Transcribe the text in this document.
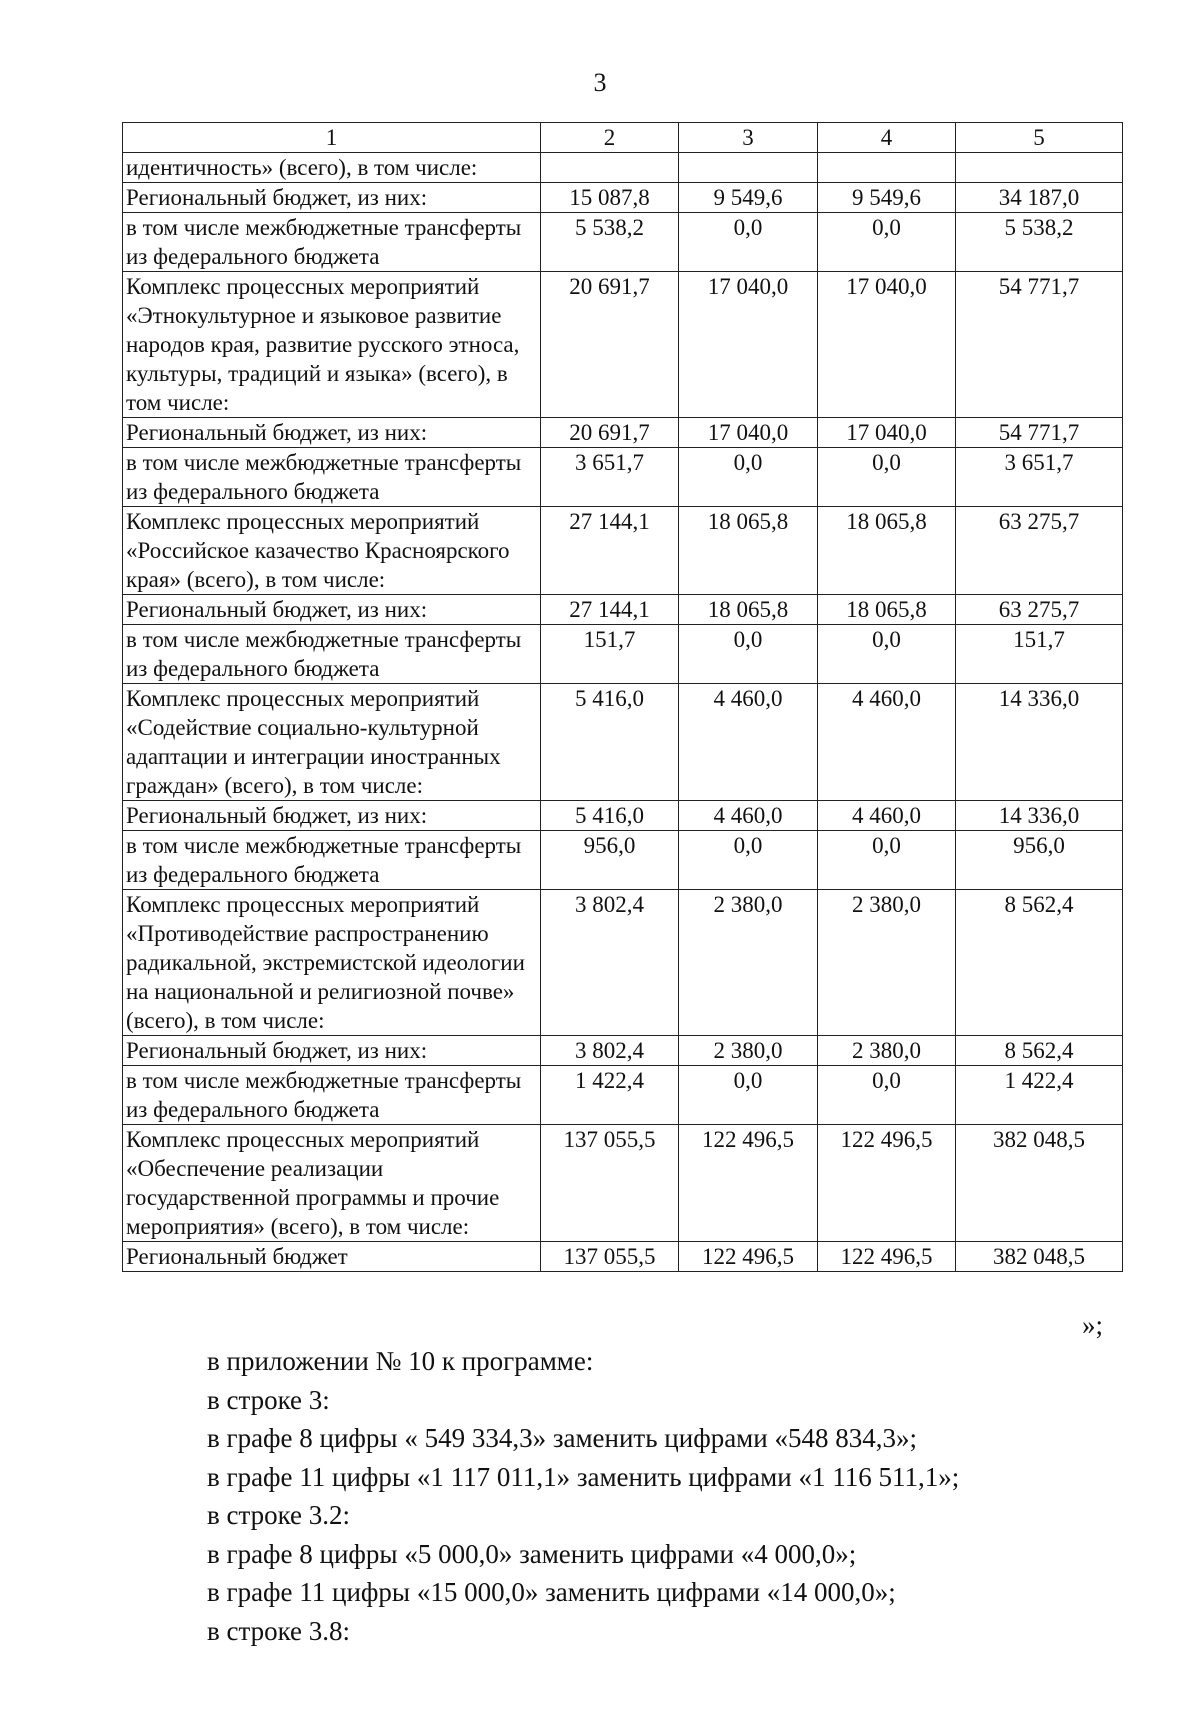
3
1	2	3	4	5
идентичность» (всего), в том числе:				
Региональный бюджет, из них:	15 087,8	9 549,6	9 549,6	34 187,0
в том числе межбюджетные трансферты из федерального бюджета	5 538,2	0,0	0,0	5 538,2
Комплекс процессных мероприятий «Этнокультурное и языковое развитие народов края, развитие русского этноса, культуры, традиций и языка» (всего), в том числе:	20 691,7	17 040,0	17 040,0	54 771,7
Региональный бюджет, из них:	20 691,7	17 040,0	17 040,0	54 771,7
в том числе межбюджетные трансферты из федерального бюджета	3 651,7	0,0	0,0	3 651,7
Комплекс процессных мероприятий «Российское казачество Красноярского края» (всего), в том числе:	27 144,1	18 065,8	18 065,8	63 275,7
Региональный бюджет, из них:	27 144,1	18 065,8	18 065,8	63 275,7
в том числе межбюджетные трансферты из федерального бюджета	151,7	0,0	0,0	151,7
Комплекс процессных мероприятий «Содействие социально-культурной адаптации и интеграции иностранных граждан» (всего), в том числе:	5 416,0	4 460,0	4 460,0	14 336,0
Региональный бюджет, из них:	5 416,0	4 460,0	4 460,0	14 336,0
в том числе межбюджетные трансферты из федерального бюджета	956,0	0,0	0,0	956,0
Комплекс процессных мероприятий «Противодействие распространению радикальной, экстремистской идеологии на национальной и религиозной почве» (всего), в том числе:	3 802,4	2 380,0	2 380,0	8 562,4
Региональный бюджет, из них:	3 802,4	2 380,0	2 380,0	8 562,4
в том числе межбюджетные трансферты из федерального бюджета	1 422,4	0,0	0,0	1 422,4
Комплекс процессных мероприятий «Обеспечение реализации государственной программы и прочие мероприятия» (всего), в том числе:	137 055,5	122 496,5	122 496,5	382 048,5
Региональный бюджет	137 055,5	122 496,5	122 496,5	382 048,5
»;
в приложении № 10 к программе:
в строке 3:
в графе 8 цифры « 549 334,3» заменить цифрами «548 834,3»;
в графе 11 цифры «1 117 011,1» заменить цифрами «1 116 511,1»;
в строке 3.2:
в графе 8 цифры «5 000,0» заменить цифрами «4 000,0»;
в графе 11 цифры «15 000,0» заменить цифрами «14 000,0»;
в строке 3.8:
